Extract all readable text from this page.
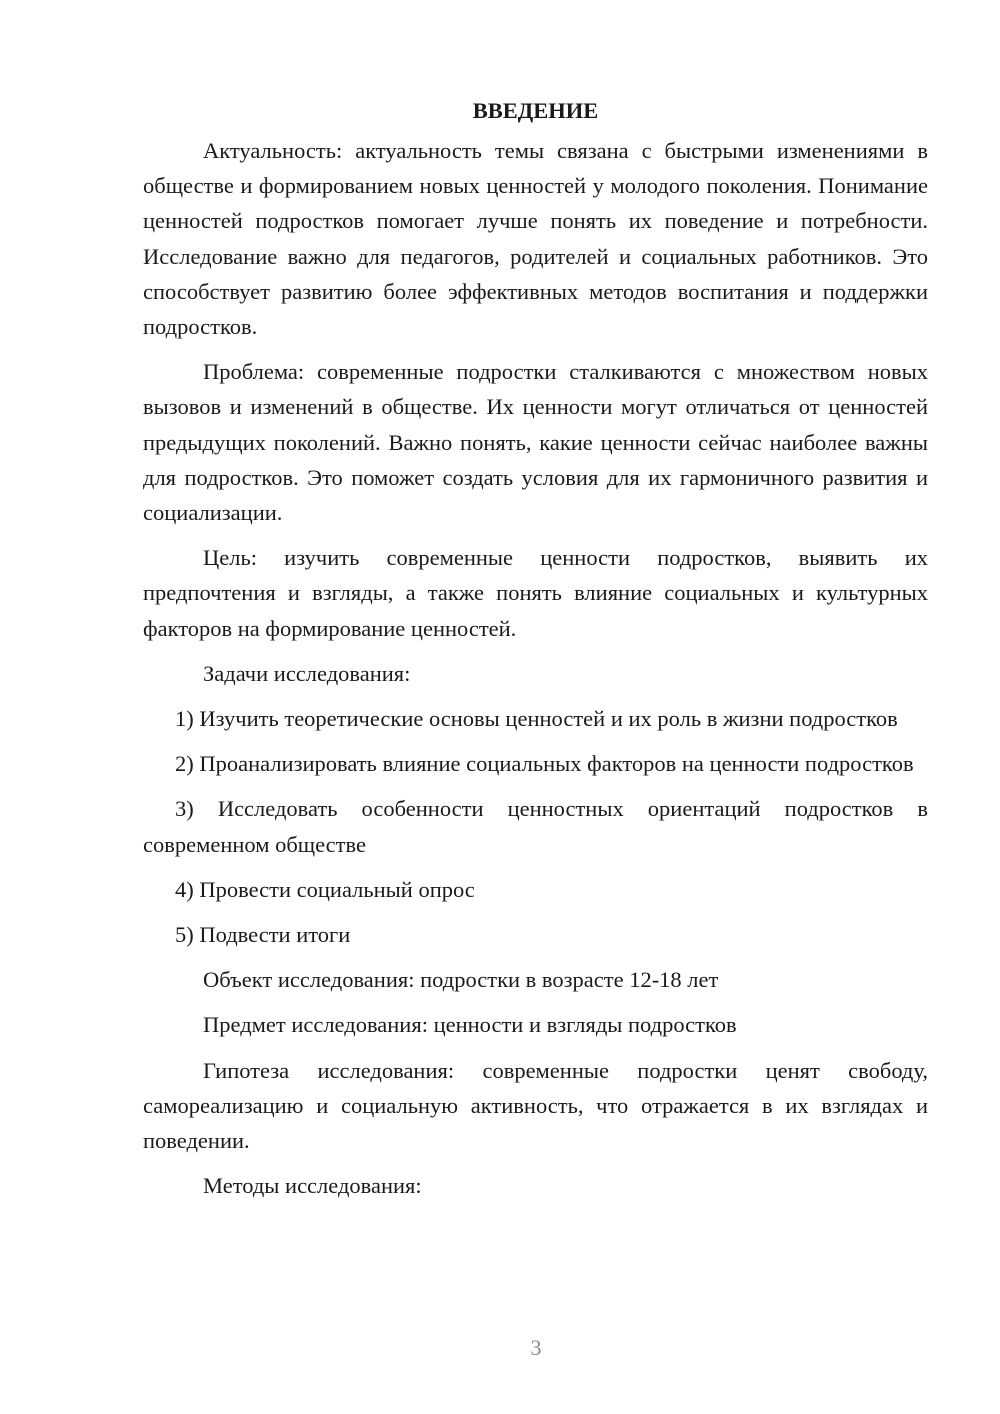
ВВЕДЕНИЕ

Актуальность: актуальность темы связана с быстрыми изменениями в обществе и формированием новых ценностей у молодого поколения. Понимание ценностей подростков помогает лучше понять их поведение и потребности. Исследование важно для педагогов, родителей и социальных работников. Это способствует развитию более эффективных методов воспитания и поддержки подростков.

Проблема: современные подростки сталкиваются с множеством новых вызовов и изменений в обществе. Их ценности могут отличаться от ценностей предыдущих поколений. Важно понять, какие ценности сейчас наиболее важны для подростков. Это поможет создать условия для их гармоничного развития и социализации.

Цель: изучить современные ценности подростков, выявить их предпочтения и взгляды, а также понять влияние социальных и культурных факторов на формирование ценностей.

Задачи исследования:

1) Изучить теоретические основы ценностей и их роль в жизни подростков

2) Проанализировать влияние социальных факторов на ценности подростков

3) Исследовать особенности ценностных ориентаций подростков в современном обществе

4) Провести социальный опрос

5) Подвести итоги

Объект исследования: подростки в возрасте 12-18 лет

Предмет исследования: ценности и взгляды подростков

Гипотеза исследования: современные подростки ценят свободу, самореализацию и социальную активность, что отражается в их взглядах и поведении.

Методы исследования:

3
